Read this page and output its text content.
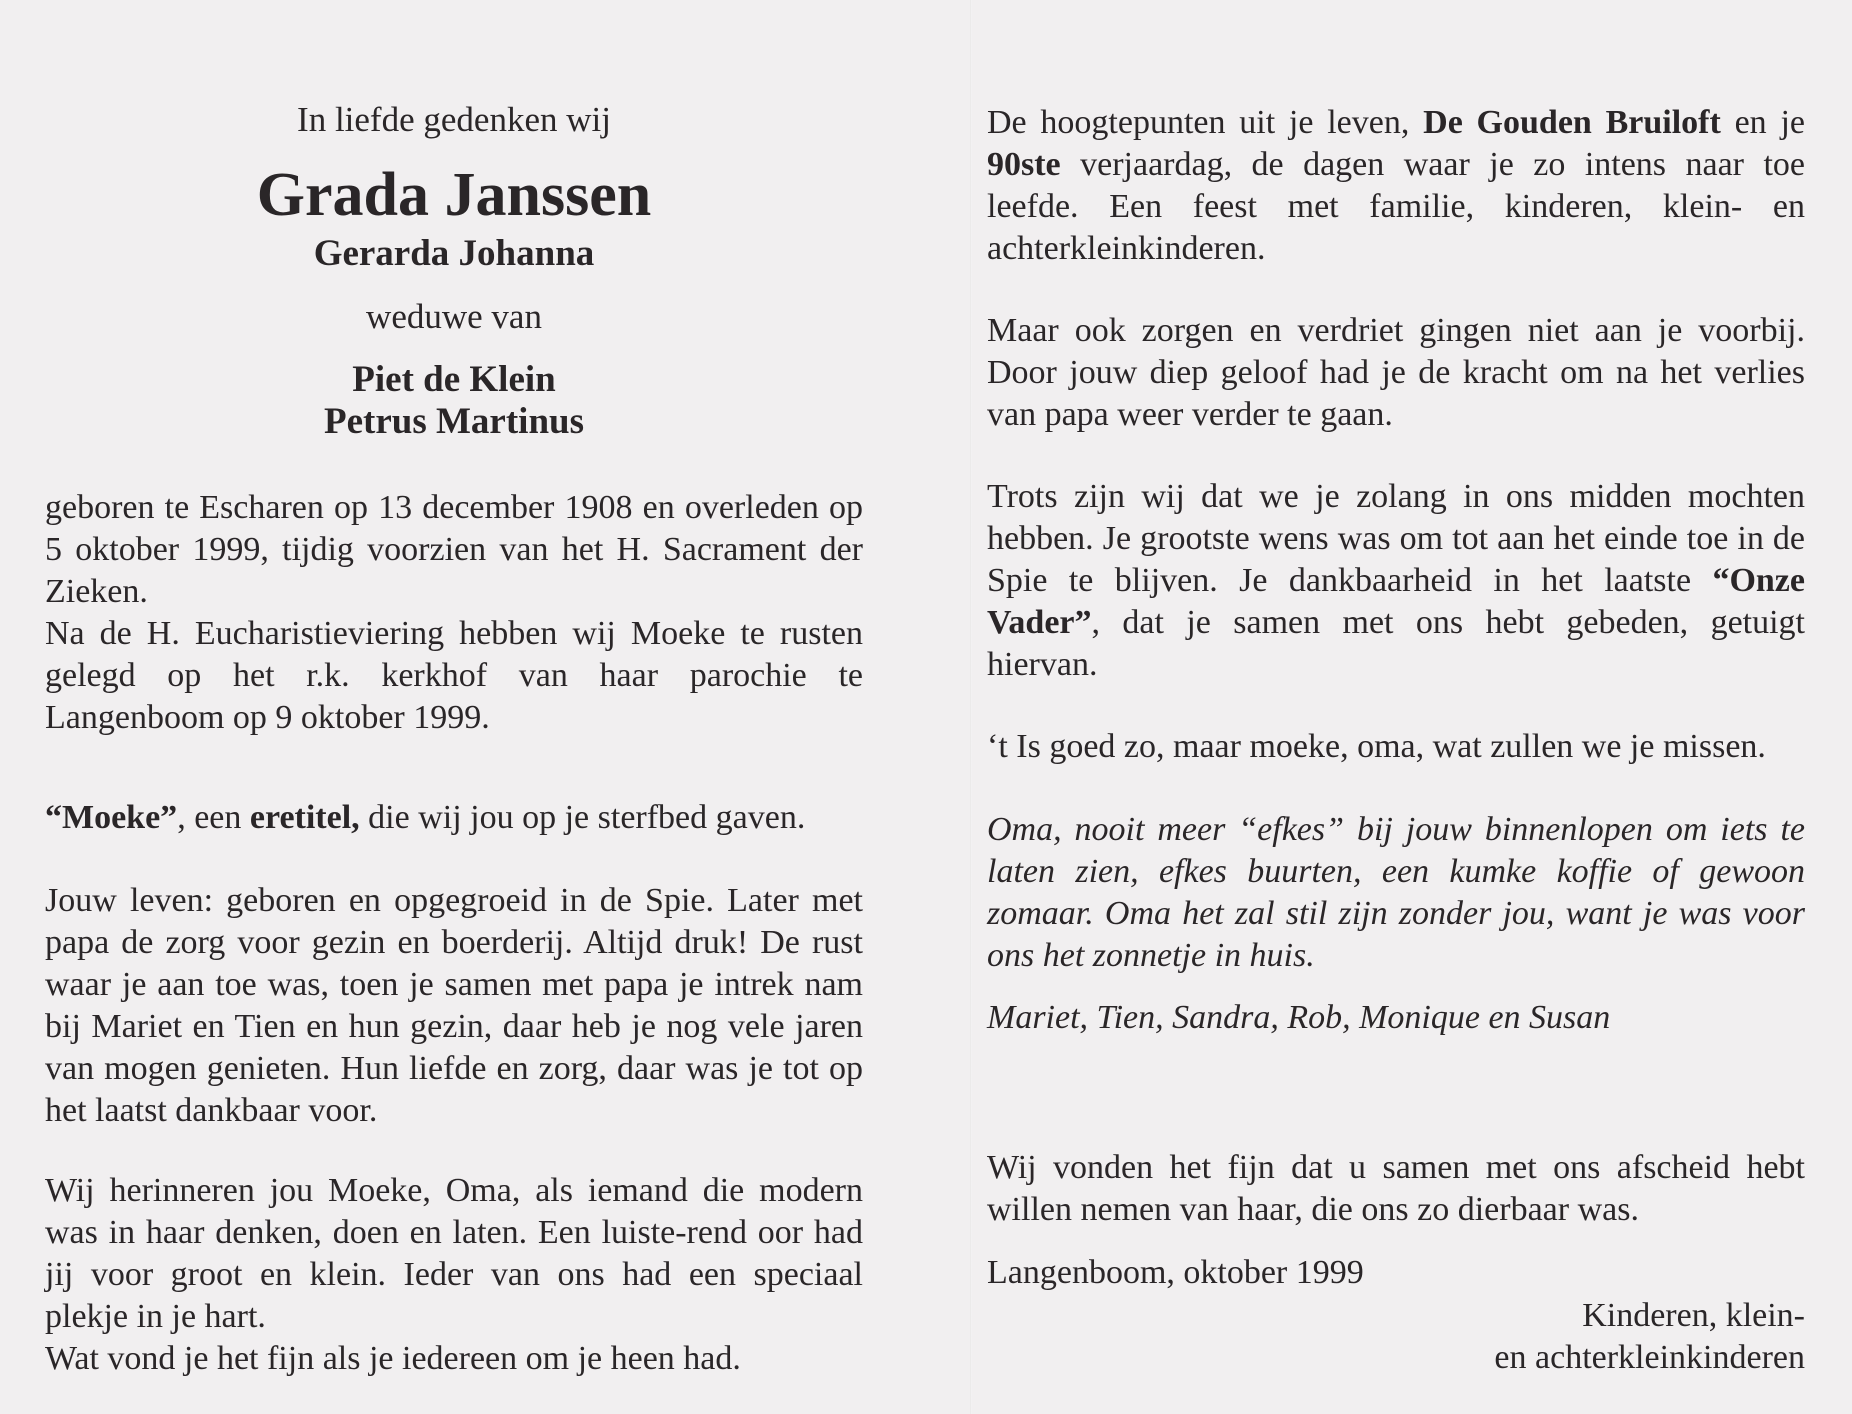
In liefde gedenken wij
Grada Janssen
Gerarda Johanna
weduwe van
Piet de Klein
Petrus Martinus

geboren te Escharen op 13 december 1908 en overleden op 5 oktober 1999, tijdig voorzien van het H. Sacrament der Zieken.

Na de H. Eucharistieviering hebben wij Moeke te rusten gelegd op het r.k. kerkhof van haar parochie te Langenboom op 9 oktober 1999.

“Moeke”, een eretitel, die wij jou op je sterfbed gaven.

Jouw leven: geboren en opgegroeid in de Spie. Later met papa de zorg voor gezin en boerderij. Altijd druk! De rust waar je aan toe was, toen je samen met papa je intrek nam bij Mariet en Tien en hun gezin, daar heb je nog vele jaren van mogen genieten. Hun liefde en zorg, daar was je tot op het laatst dankbaar voor.

Wij herinneren jou Moeke, Oma, als iemand die modern was in haar denken, doen en laten. Een luiste-rend oor had jij voor groot en klein. Ieder van ons had een speciaal plekje in je hart.

Wat vond je het fijn als je iedereen om je heen had.

De hoogtepunten uit je leven, De Gouden Bruiloft en je 90ste verjaardag, de dagen waar je zo intens naar toe leefde. Een feest met familie, kinderen, klein- en achterkleinkinderen.

Maar ook zorgen en verdriet gingen niet aan je voorbij. Door jouw diep geloof had je de kracht om na het verlies van papa weer verder te gaan.

Trots zijn wij dat we je zolang in ons midden mochten hebben. Je grootste wens was om tot aan het einde toe in de Spie te blijven. Je dankbaarheid in het laatste “Onze Vader”, dat je samen met ons hebt gebeden, getuigt hiervan.

‘t Is goed zo, maar moeke, oma, wat zullen we je missen.

Oma, nooit meer “efkes” bij jouw binnenlopen om iets te laten zien, efkes buurten, een kumke koffie of gewoon zomaar. Oma het zal stil zijn zonder jou, want je was voor ons het zonnetje in huis.

Mariet, Tien, Sandra, Rob, Monique en Susan

Wij vonden het fijn dat u samen met ons afscheid hebt willen nemen van haar, die ons zo dierbaar was.

Langenboom, oktober 1999

Kinderen, klein-

en achterkleinkinderen
